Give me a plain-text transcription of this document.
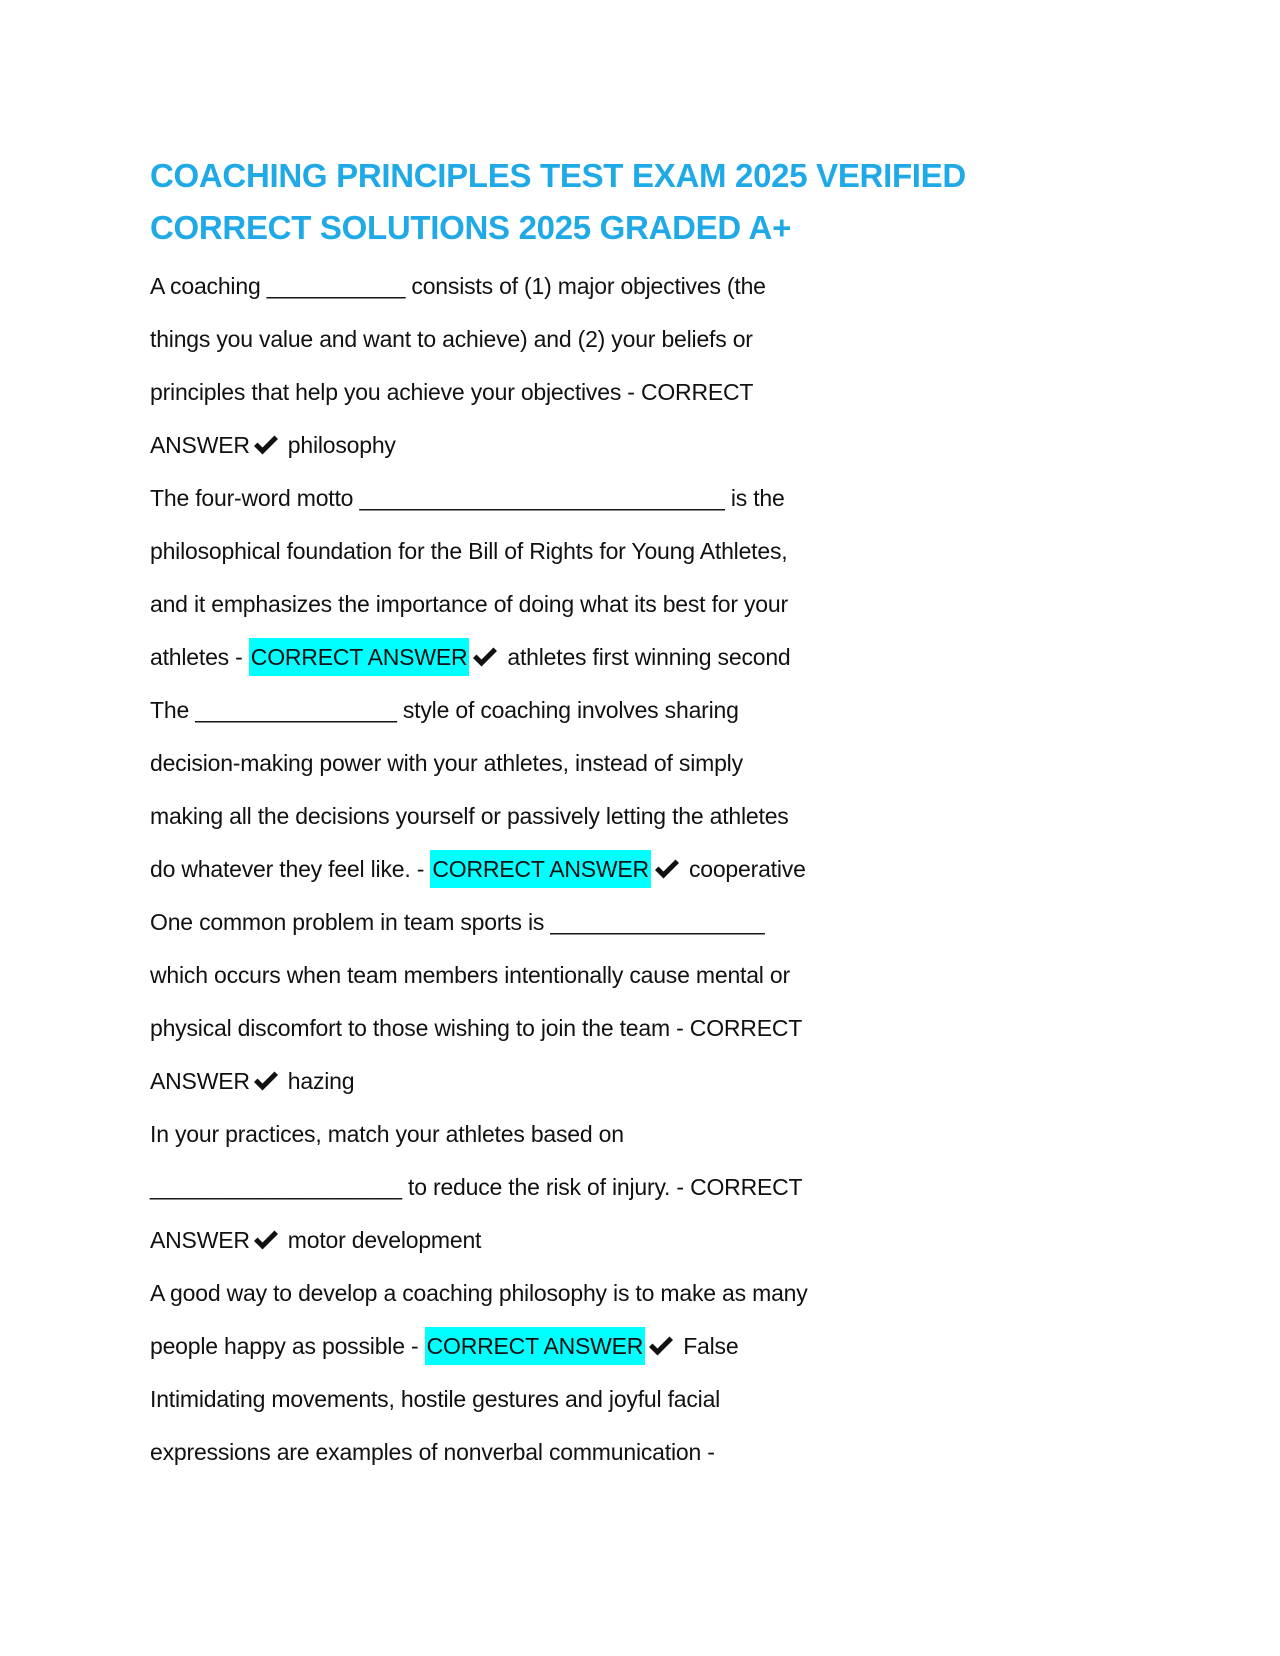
COACHING PRINCIPLES TEST EXAM 2025 VERIFIED
CORRECT SOLUTIONS 2025 GRADED A+
A coaching ___________ consists of (1) major objectives (the
things you value and want to achieve) and (2) your beliefs or
principles that help you achieve your objectives - CORRECT
ANSWER philosophy
The four-word motto _____________________________ is the
philosophical foundation for the Bill of Rights for Young Athletes,
and it emphasizes the importance of doing what its best for your
athletes - CORRECT ANSWER athletes first winning second
The ________________ style of coaching involves sharing
decision-making power with your athletes, instead of simply
making all the decisions yourself or passively letting the athletes
do whatever they feel like. - CORRECT ANSWER cooperative
One common problem in team sports is _________________
which occurs when team members intentionally cause mental or
physical discomfort to those wishing to join the team - CORRECT
ANSWER hazing
In your practices, match your athletes based on
____________________ to reduce the risk of injury. - CORRECT
ANSWER motor development
A good way to develop a coaching philosophy is to make as many
people happy as possible - CORRECT ANSWER False
Intimidating movements, hostile gestures and joyful facial
expressions are examples of nonverbal communication -
